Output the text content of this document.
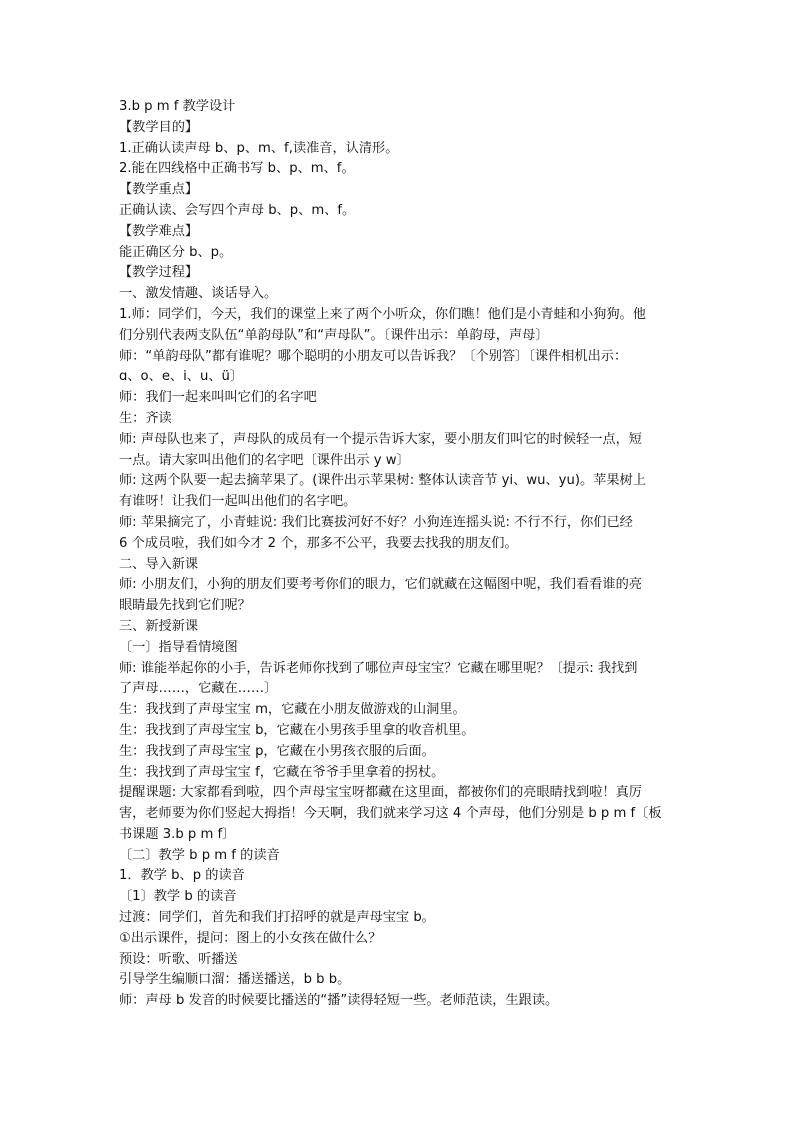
3.b p m f 教学设计
【教学目的】
1.正确认读声母 b、p、m、f,读准音，认清形。
2.能在四线格中正确书写 b、p、m、f。
【教学重点】
正确认读、会写四个声母 b、p、m、f。
【教学难点】
能正确区分 b、p。
【教学过程】
一、激发情趣、谈话导入。
1.师：同学们，今天，我们的课堂上来了两个小听众，你们瞧！他们是小青蛙和小狗狗。他
们分别代表两支队伍“单韵母队”和“声母队”。〔课件出示：单韵母，声母〕
师：“单韵母队”都有谁呢？哪个聪明的小朋友可以告诉我？〔个别答〕〔课件相机出示：
ɑ、o、e、i、u、ü〕
师：我们一起来叫叫它们的名字吧
生：齐读
师: 声母队也来了，声母队的成员有一个提示告诉大家，要小朋友们叫它的时候轻一点，短
一点。请大家叫出他们的名字吧〔课件出示 y w〕
师: 这两个队要一起去摘苹果了。(课件出示苹果树: 整体认读音节 yi、wu、yu)。苹果树上
有谁呀！让我们一起叫出他们的名字吧。
师: 苹果摘完了，小青蛙说: 我们比赛拔河好不好？小狗连连摇头说: 不行不行，你们已经
6 个成员啦，我们如今才 2 个，那多不公平，我要去找我的朋友们。
二、导入新课
师: 小朋友们，小狗的朋友们要考考你们的眼力，它们就藏在这幅图中呢，我们看看谁的亮
眼睛最先找到它们呢？
三、新授新课
〔一〕指导看情境图
师: 谁能举起你的小手，告诉老师你找到了哪位声母宝宝？它藏在哪里呢？〔提示: 我找到
了声母……，它藏在……〕
生：我找到了声母宝宝 m，它藏在小朋友做游戏的山洞里。
生：我找到了声母宝宝 b，它藏在小男孩手里拿的收音机里。
生：我找到了声母宝宝 p，它藏在小男孩衣服的后面。
生：我找到了声母宝宝 f，它藏在爷爷手里拿着的拐杖。
提醒课题: 大家都看到啦，四个声母宝宝呀都藏在这里面，都被你们的亮眼睛找到啦！真厉
害，老师要为你们竖起大拇指！今天啊，我们就来学习这 4 个声母，他们分别是 b p m f〔板
书课题 3.b p m f〕
〔二〕教学 b p m f 的读音
1．教学 b、p 的读音
〔1〕教学 b 的读音
过渡：同学们，首先和我们打招呼的就是声母宝宝 b。
①出示课件，提问：图上的小女孩在做什么？
预设：听歌、听播送
引导学生编顺口溜：播送播送，b b b。
师：声母 b 发音的时候要比播送的“播”读得轻短一些。老师范读，生跟读。
